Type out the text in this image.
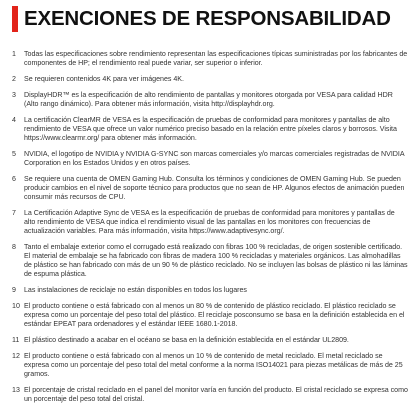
EXENCIONES DE RESPONSABILIDAD
1	Todas las especificaciones sobre rendimiento representan las especificaciones típicas suministradas por los fabricantes de componentes de HP; el rendimiento real puede variar, ser superior o inferior.
2	Se requieren contenidos 4K para ver imágenes 4K.
3	DisplayHDR™ es la especificación de alto rendimiento de pantallas y monitores otorgada por VESA para calidad HDR (Alto rango dinámico). Para obtener más información, visita http://displayhdr.org.
4	La certificación ClearMR de VESA es la especificación de pruebas de conformidad para monitores y pantallas de alto rendimiento de VESA que ofrece un valor numérico preciso basado en la relación entre píxeles claros y borrosos. Visita https://www.clearmr.org/ para obtener más información.
5	NVIDIA, el logotipo de NVIDIA y NVIDIA G-SYNC son marcas comerciales y/o marcas comerciales registradas de NVIDIA Corporation en los Estados Unidos y en otros países.
6	Se requiere una cuenta de OMEN Gaming Hub. Consulta los términos y condiciones de OMEN Gaming Hub. Se pueden producir cambios en el nivel de soporte técnico para productos que no sean de HP. Algunos efectos de animación pueden consumir más recursos de CPU.
7	La Certificación Adaptive Sync de VESA es la especificación de pruebas de conformidad para monitores y pantallas de alto rendimiento de VESA que indica el rendimiento visual de las pantallas en los monitores con frecuencias de actualización variables. Para más información, visita https://www.adaptivesync.org/.
8	Tanto el embalaje exterior como el corrugado está realizado con fibras 100 % recicladas, de origen sostenible certificado. El material de embalaje se ha fabricado con fibras de madera 100 % recicladas y materiales orgánicos. Las almohadillas de plástico se han fabricado con más de un 90 % de plástico reciclado. No se incluyen las bolsas de plástico ni las láminas de espuma plástica.
9	Las instalaciones de reciclaje no están disponibles en todos los lugares
10 El producto contiene o está fabricado con al menos un 80 % de contenido de plástico reciclado. El plástico reciclado se expresa como un porcentaje del peso total del plástico. El reciclaje posconsumo se basa en la definición establecida en el estándar EPEAT para ordenadores y el estándar IEEE 1680.1-2018.
11 El plástico destinado a acabar en el océano se basa en la definición establecida en el estándar UL2809.
12 El producto contiene o está fabricado con al menos un 10 % de contenido de metal reciclado. El metal reciclado se expresa como un porcentaje del peso total del metal conforme a la norma ISO14021 para piezas metálicas de más de 25 gramos.
13 El porcentaje de cristal reciclado en el panel del monitor varía en función del producto. El cristal reciclado se expresa como un porcentaje del peso total del cristal.
